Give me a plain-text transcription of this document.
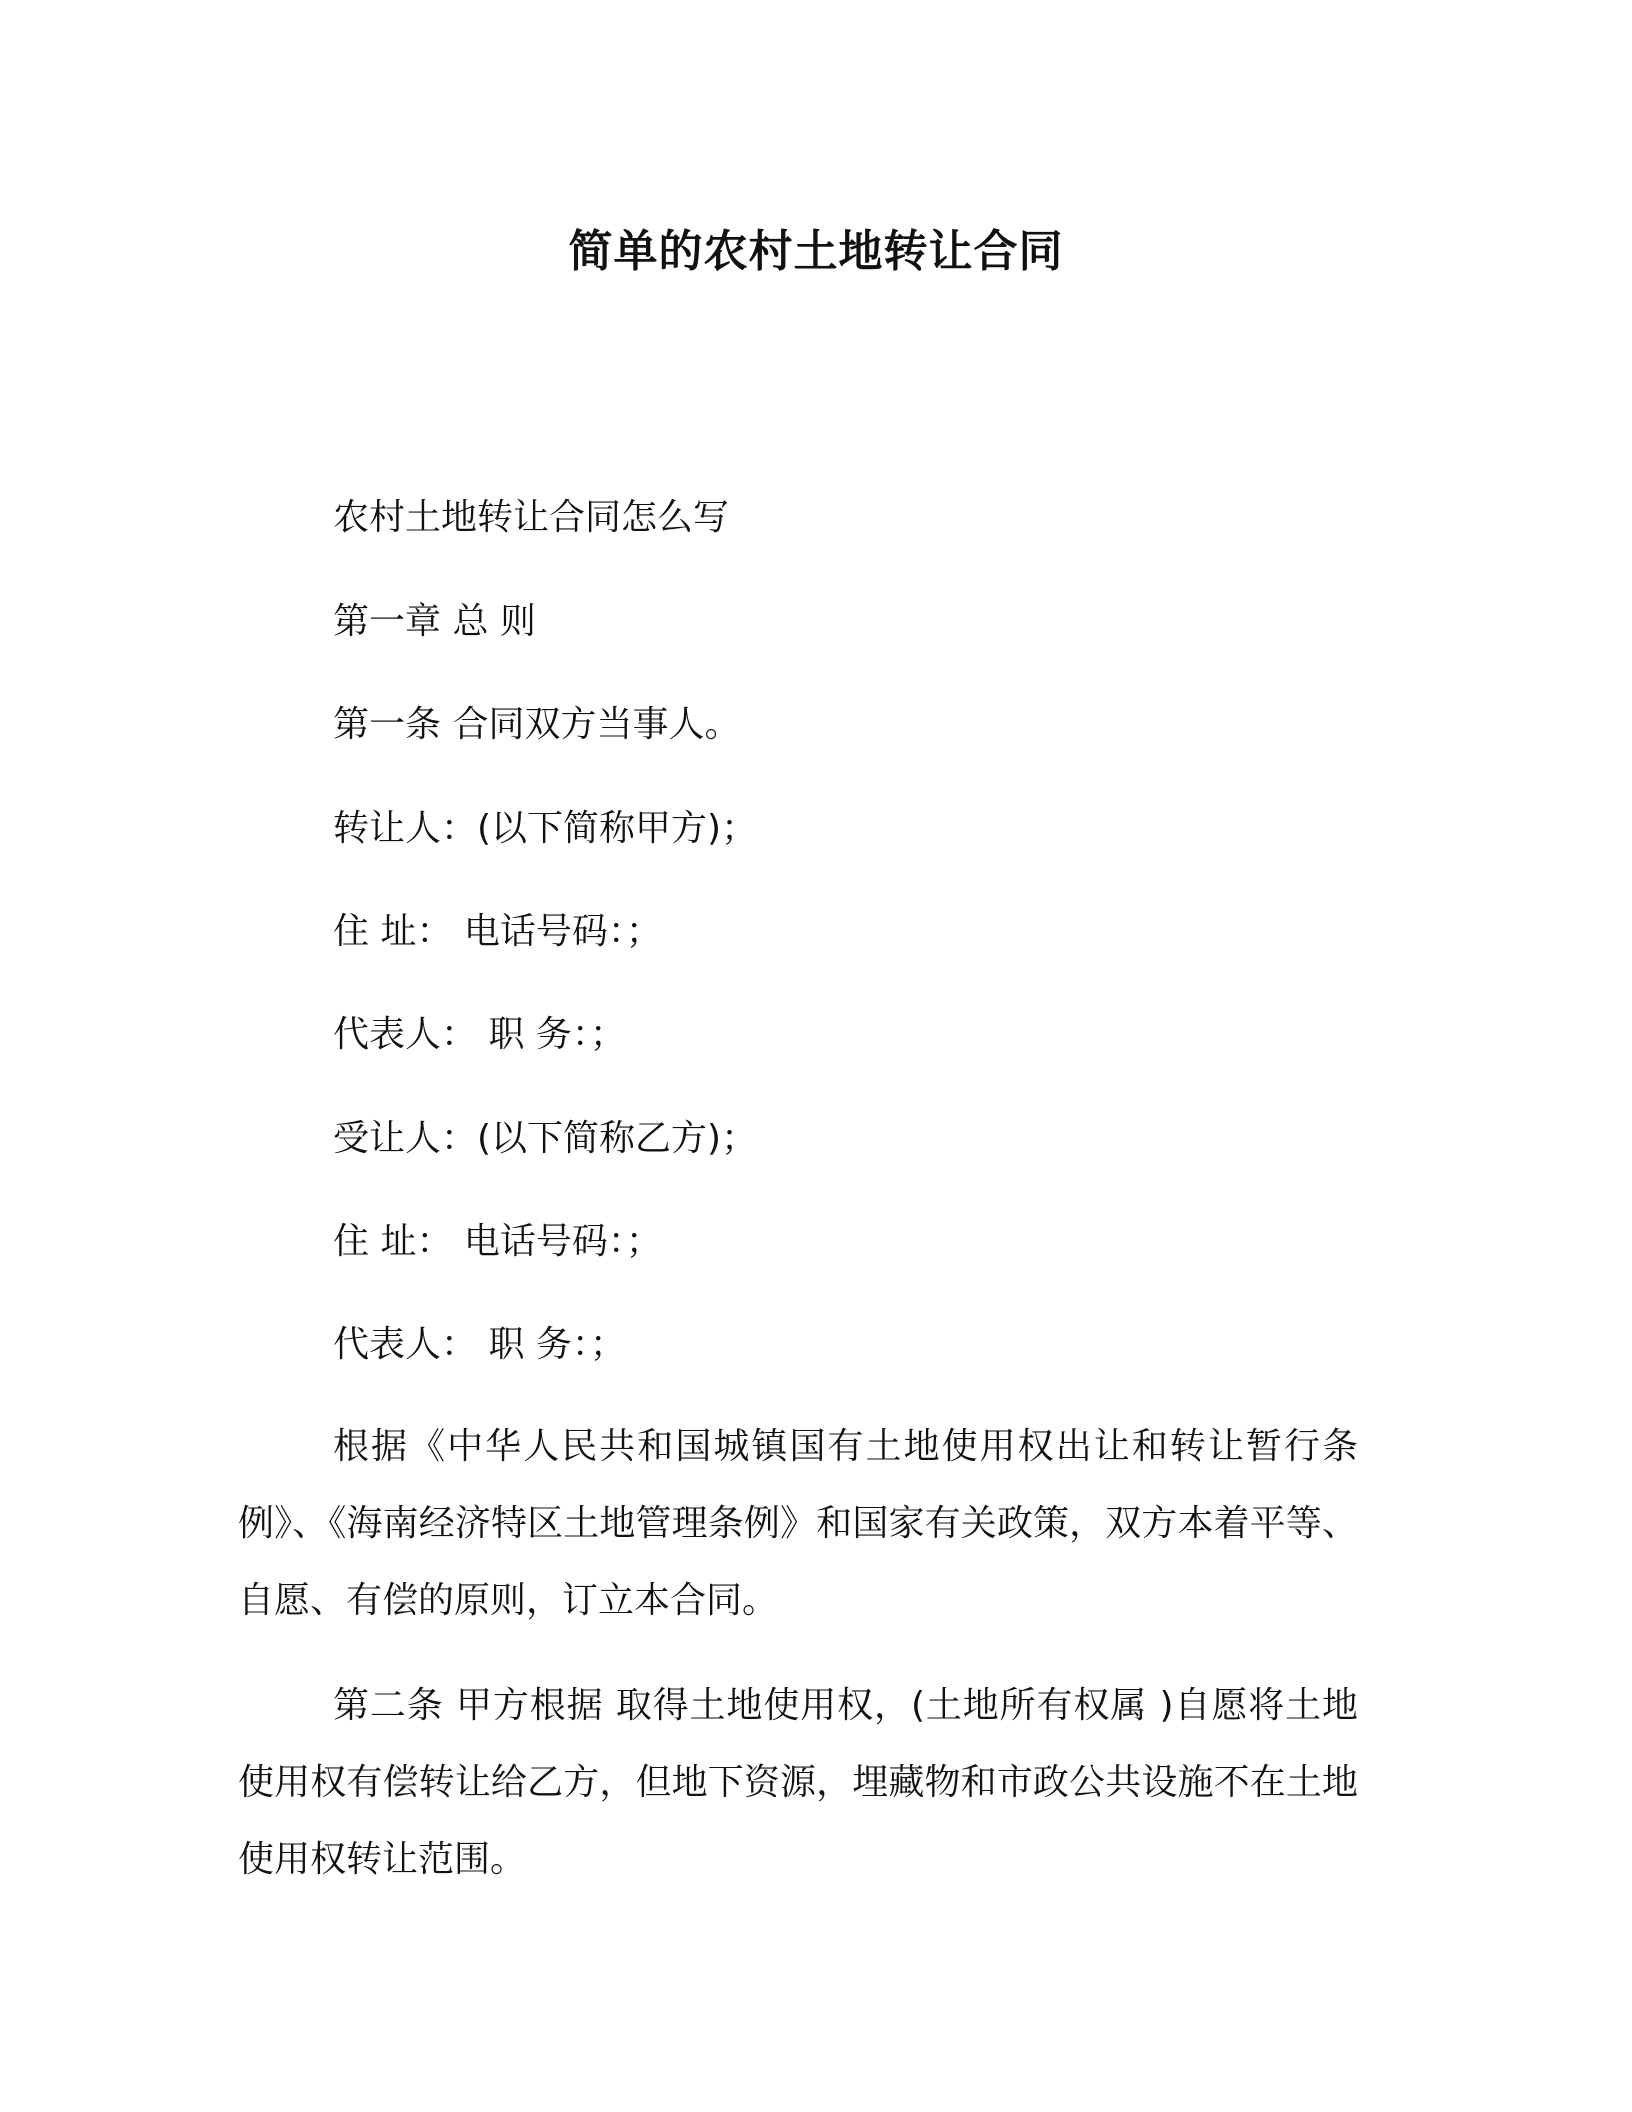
简单的农村土地转让合同
农村土地转让合同怎么写
第一章 总 则
第一条 合同双方当事人。
转让人：(以下简称甲方)；
住 址： 电话号码：；
代表人： 职 务：；
受让人：(以下简称乙方)；
住 址： 电话号码：；
代表人： 职 务：；
根据《中华人民共和国城镇国有土地使用权出让和转让暂行条例》、《海南经济特区土地管理条例》和国家有关政策，双方本着平等、自愿、有偿的原则，订立本合同。
第二条 甲方根据 取得土地使用权，(土地所有权属 )自愿将土地使用权有偿转让给乙方，但地下资源，埋藏物和市政公共设施不在土地使用权转让范围。
